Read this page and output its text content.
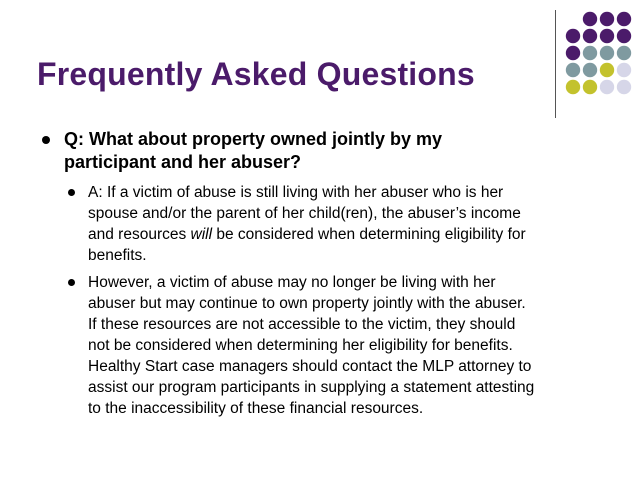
Frequently Asked Questions
Q: What about property owned jointly by my
participant and her abuser?
A: If a victim of abuse is still living with her abuser who is her
spouse and/or the parent of her child(ren), the abuser’s income
and resources will be considered when determining eligibility for
benefits.
However, a victim of abuse may no longer be living with her
abuser but may continue to own property jointly with the abuser.
If these resources are not accessible to the victim, they should
not be considered when determining her eligibility for benefits.
Healthy Start case managers should contact the MLP attorney to
assist our program participants in supplying a statement attesting
to the inaccessibility of these financial resources.
